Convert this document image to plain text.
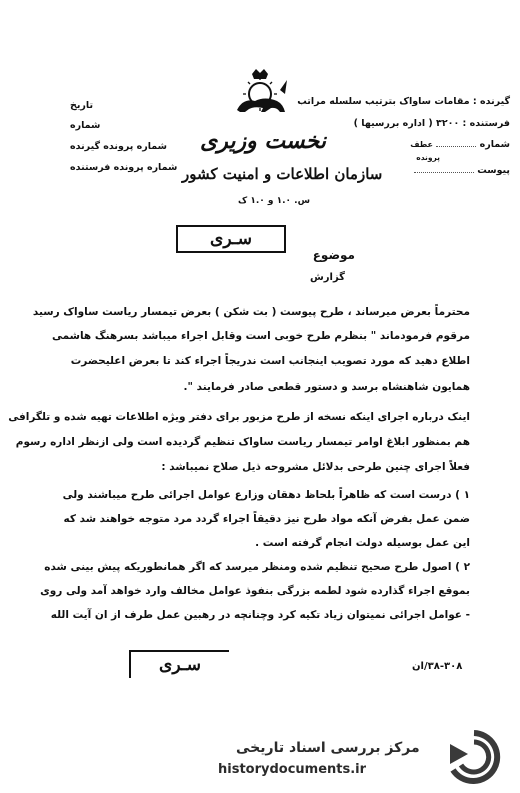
گیرنده : مقامات ساواک بترتیب سلسله مراتب
فرستنده : ۳۲۰۰ ( اداره بررسیها )
شماره  عطف
پرونده
پیوست
نخست وزیری
سازمان اطلاعات و امنیت کشور
س. ۱.۰ و ۱.۰ ک
تاریخ
شماره
شماره پرونده گیرنده
شماره پرونده فرستنده
سـری
موضوع
گزارش
محترماً بعرض میرساند ، طرح پیوست ( بت شکن ) بعرض تیمسار ریاست ساواک رسید
مرقوم فرمودماند " بنظرم طرح خوبی است وقابل اجراء میباشد بسرهنگ هاشمی
اطلاع دهید که مورد تصویب اینجانب است ندریجاً اجراء کند تا بعرض اعلیحضرت
همایون شاهنشاه برسد و دستور قطعی صادر فرمایند ".
اینک درباره اجرای اینکه نسخه از طرح مزبور برای دفتر ویژه اطلاعات تهیه شده و تلگرافی
هم بمنظور ابلاغ اوامر تیمسار ریاست ساواک تنظیم گردیده است ولی ازنظر اداره رسوم
فعلاً اجرای چنین طرحی بدلائل مشروحه ذیل صلاح نمیباشد :
۱ ) درست است که ظاهراً بلحاظ دهقان وزارع عوامل اجرائی طرح میباشند ولی
ضمن عمل بفرض آنکه مواد طرح نیز دقیقاً اجراء گردد مرد متوجه خواهند شد که
این عمل بوسیله دولت انجام گرفته است .
۲ ) اصول طرح صحیح تنظیم شده ومنظر میرسد که اگر همانطوریکه پیش بینی شده
بموقع اجراء گذارده شود لطمه بزرگی بنفوذ عوامل مخالف وارد خواهد آمد ولی روی
- عوامل اجرائی نمیتوان زیاد تکیه کرد وچنانچه در رهبین عمل طرف از ان آیت الله
سـری	۳۸-۳۰۸/ان
مرکز بررسی اسناد تاریخی
historydocuments.ir
